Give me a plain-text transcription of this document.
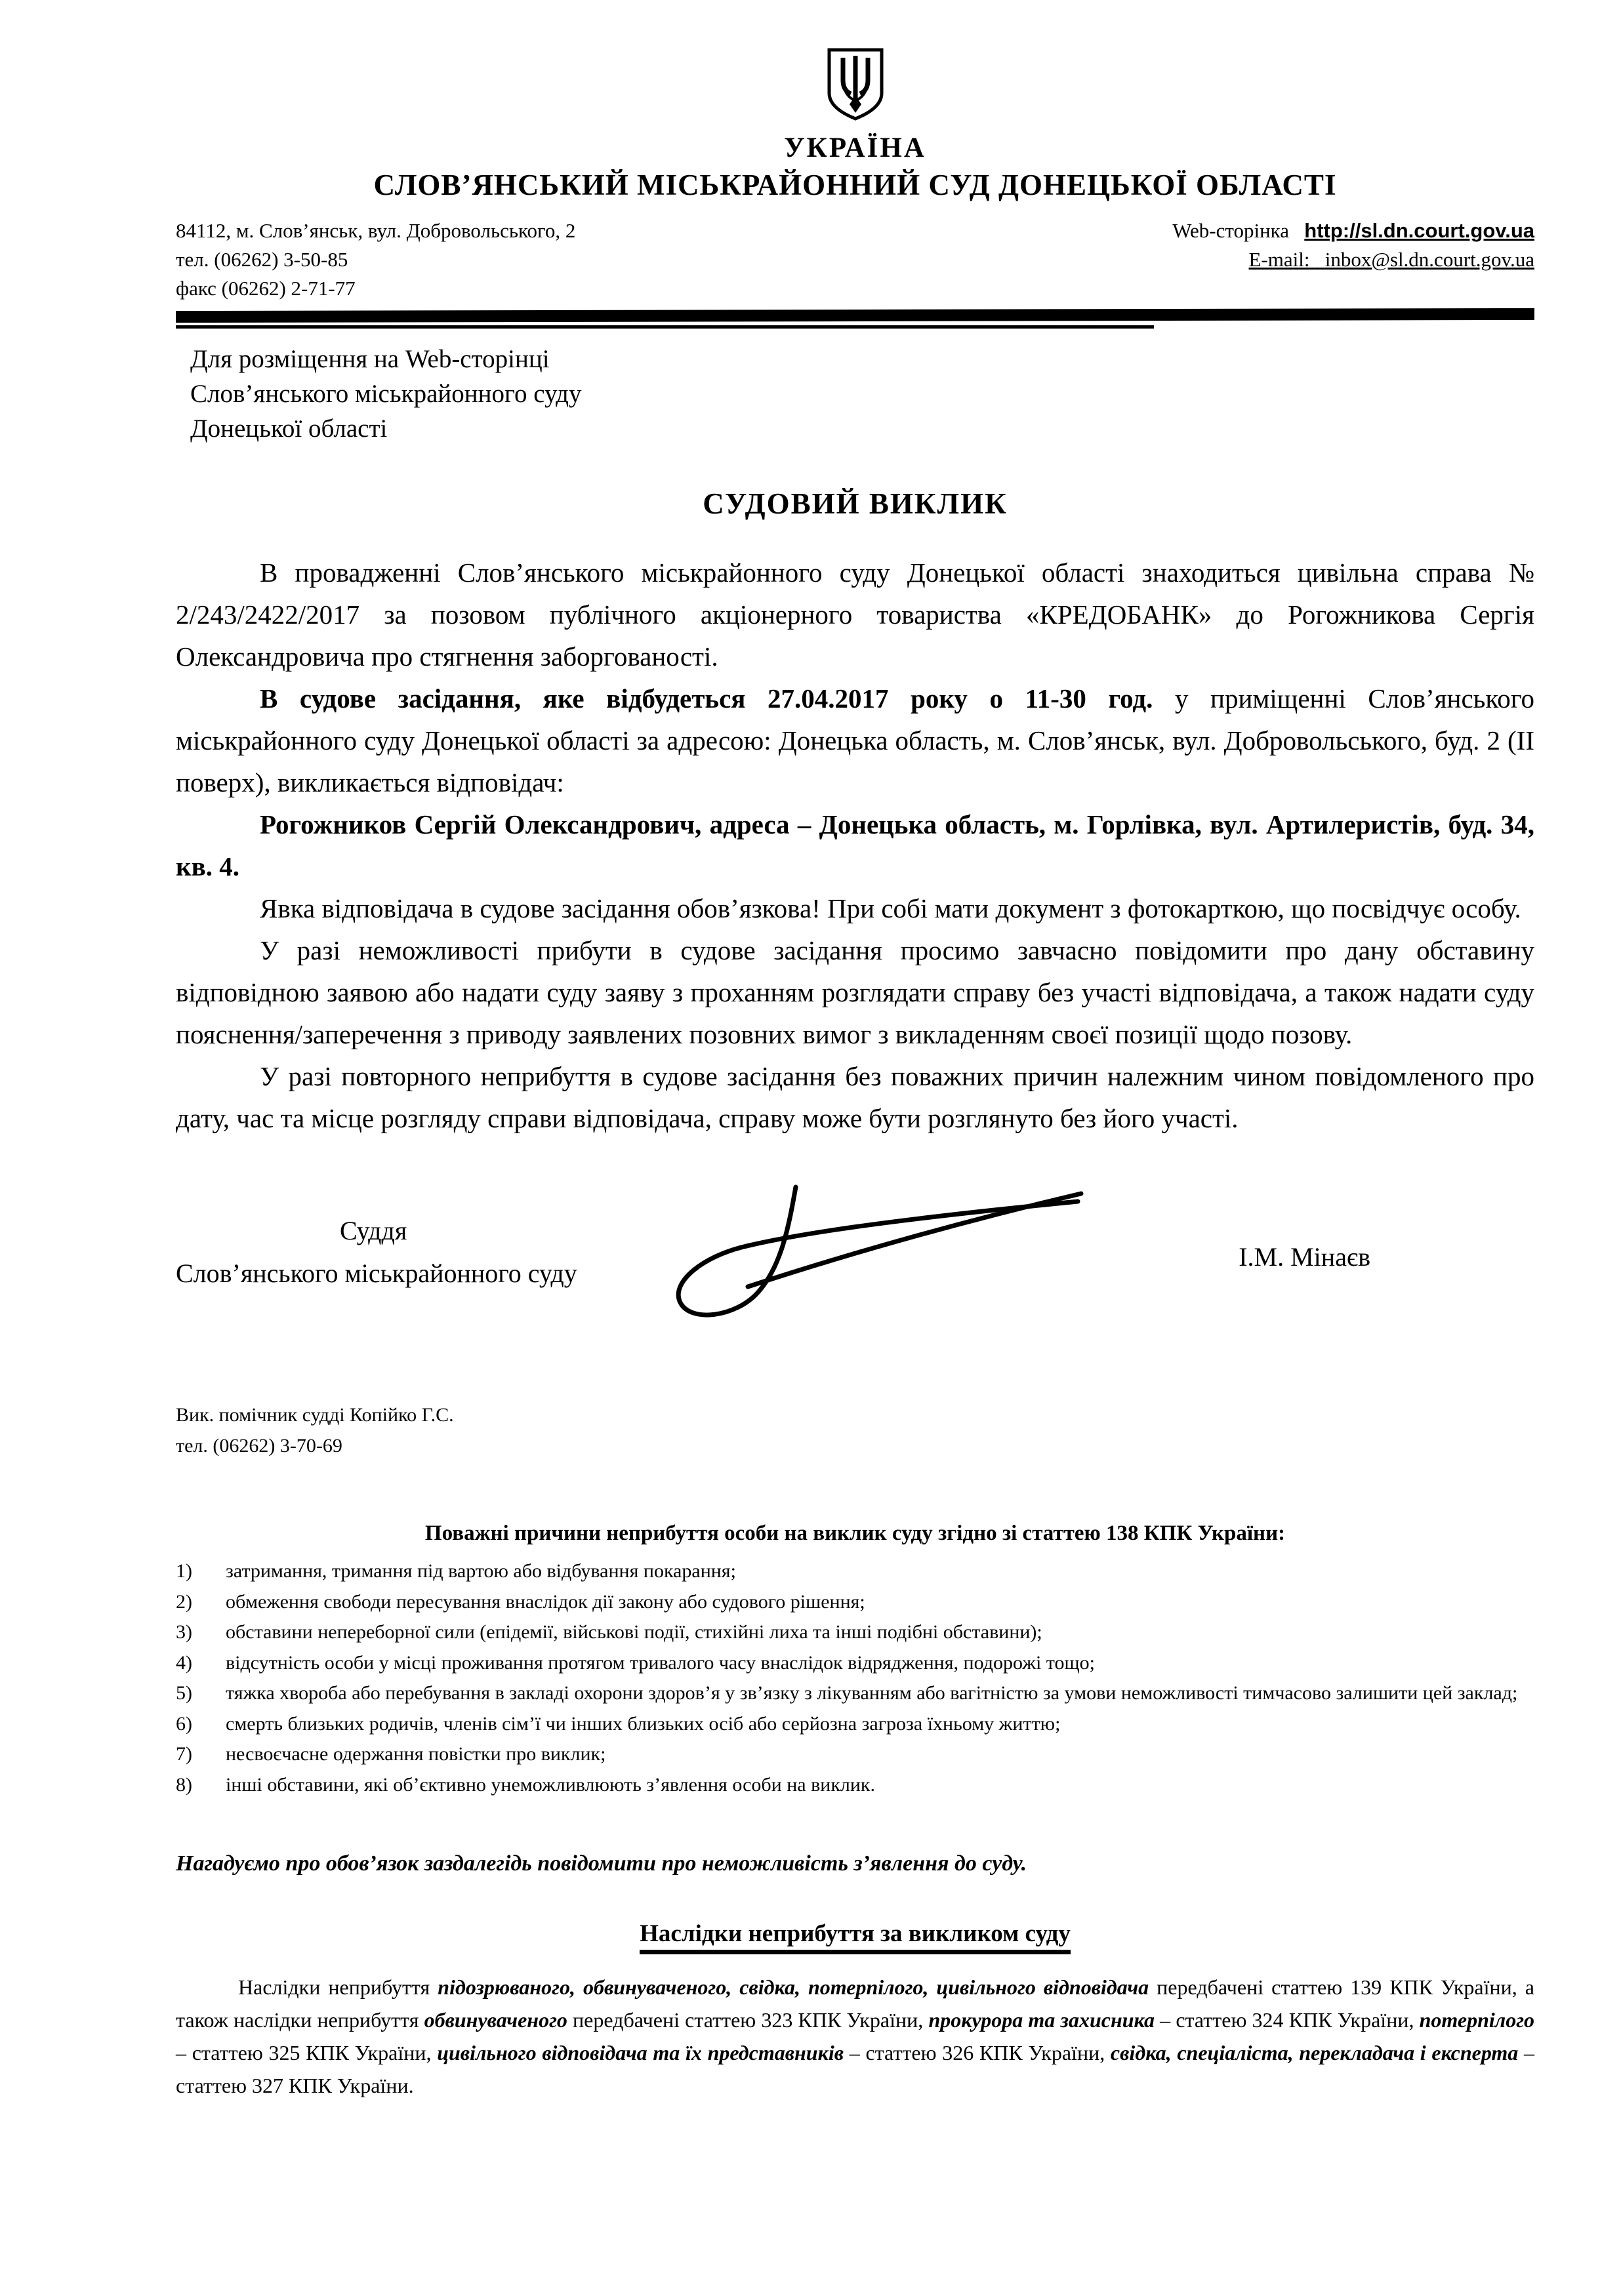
УКРАЇНА
СЛОВ’ЯНСЬКИЙ МІСЬКРАЙОННИЙ СУД ДОНЕЦЬКОЇ ОБЛАСТІ
84112, м. Слов’янськ, вул. Добровольського, 2
тел. (06262) 3-50-85
факс (06262) 2-71-77
Web-сторінка http://sl.dn.court.gov.ua
E-mail: inbox@sl.dn.court.gov.ua
Для розміщення на Web-сторінці
Слов’янського міськрайонного суду
Донецької області
СУДОВИЙ ВИКЛИК

В провадженні Слов’янського міськрайонного суду Донецької області знаходиться цивільна справа № 2/243/2422/2017 за позовом публічного акціонерного товариства «КРЕДОБАНК» до Рогожникова Сергія Олександровича про стягнення заборгованості.

В судове засідання, яке відбудеться 27.04.2017 року о 11-30 год. у приміщенні Слов’янського міськрайонного суду Донецької області за адресою: Донецька область, м. Слов’янськ, вул. Добровольського, буд. 2 (ІІ поверх), викликається відповідач:

Рогожников Сергій Олександрович, адреса – Донецька область, м. Горлівка, вул. Артилеристів, буд. 34, кв. 4.

Явка відповідача в судове засідання обов’язкова! При собі мати документ з фотокарткою, що посвідчує особу.

У разі неможливості прибути в судове засідання просимо завчасно повідомити про дану обставину відповідною заявою або надати суду заяву з проханням розглядати справу без участі відповідача, а також надати суду пояснення/заперечення з приводу заявлених позовних вимог з викладенням своєї позиції щодо позову.

У разі повторного неприбуття в судове засідання без поважних причин належним чином повідомленого про дату, час та місце розгляду справи відповідача, справу може бути розглянуто без його участі.

Суддя
Слов’янського міськрайонного суду
І.М. Мінаєв
Вик. помічник судді Копійко Г.С.
тел. (06262) 3-70-69
Поважні причини неприбуття особи на виклик суду згідно зі статтею 138 КПК України:
1)	затримання, тримання під вартою або відбування покарання;
2)	обмеження свободи пересування внаслідок дії закону або судового рішення;
3)	обставини непереборної сили (епідемії, військові події, стихійні лиха та інші подібні обставини);
4)	відсутність особи у місці проживання протягом тривалого часу внаслідок відрядження, подорожі тощо;
5)	тяжка хвороба або перебування в закладі охорони здоров’я у зв’язку з лікуванням або вагітністю за умови неможливості тимчасово залишити цей заклад;
6)	смерть близьких родичів, членів сім’ї чи інших близьких осіб або серйозна загроза їхньому життю;
7)	несвоєчасне одержання повістки про виклик;
8)	інші обставини, які об’єктивно унеможливлюють з’явлення особи на виклик.
Нагадуємо про обов’язок заздалегідь повідомити про неможливість з’явлення до суду.
Наслідки неприбуття за викликом суду

Наслідки неприбуття підозрюваного, обвинуваченого, свідка, потерпілого, цивільного відповідача передбачені статтею 139 КПК України, а також наслідки неприбуття обвинуваченого передбачені статтею 323 КПК України, прокурора та захисника – статтею 324 КПК України, потерпілого – статтею 325 КПК України, цивільного відповідача та їх представників – статтею 326 КПК України, свідка, спеціаліста, перекладача і експерта – статтею 327 КПК України.
